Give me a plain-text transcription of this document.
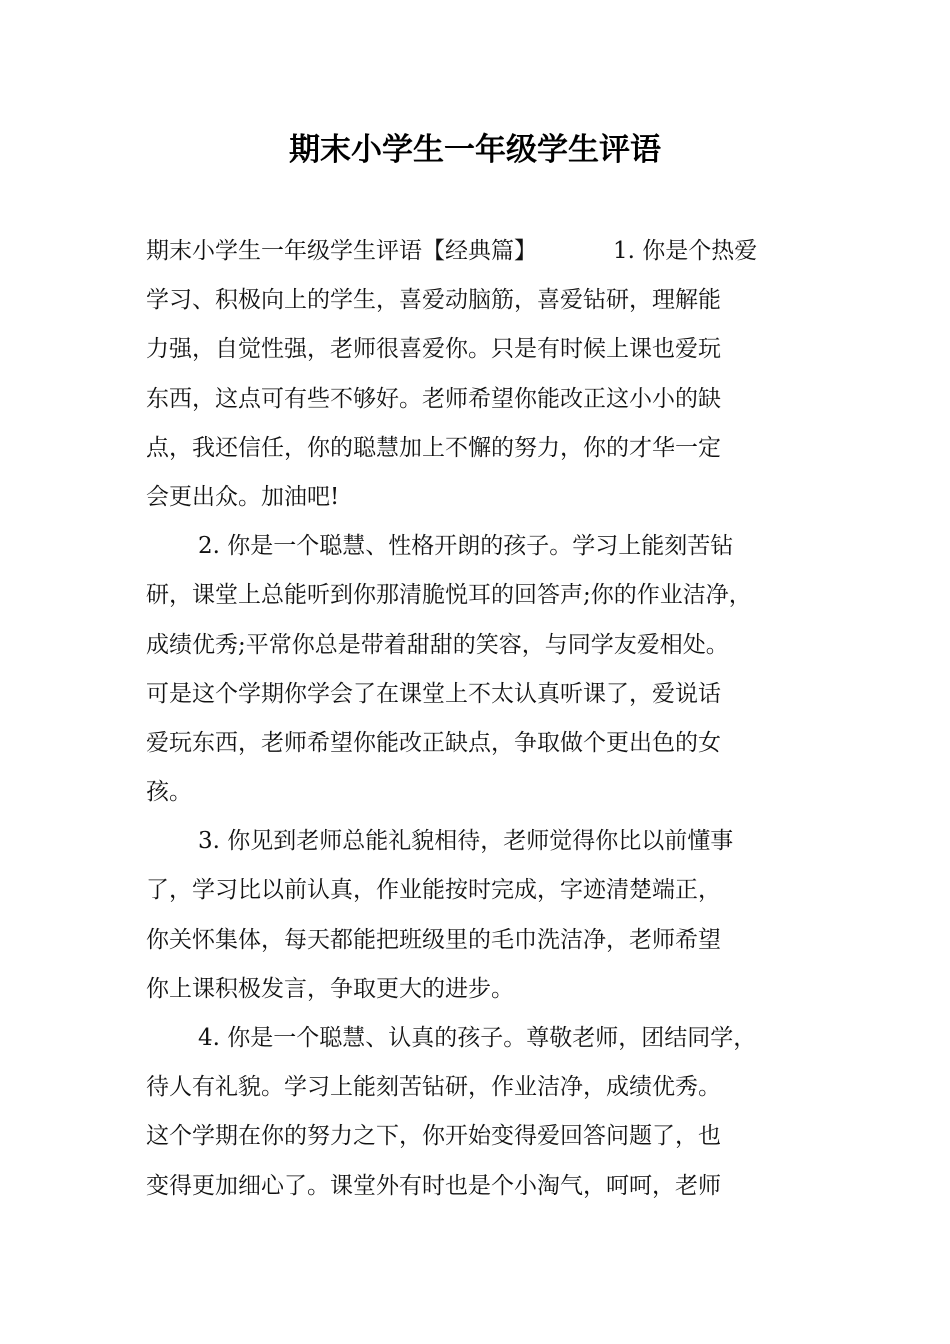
期末小学生一年级学生评语
期末小学生一年级学生评语【经典篇】	1. 你是个热爱
学习、积极向上的学生，喜爱动脑筋，喜爱钻研，理解能
力强，自觉性强，老师很喜爱你。只是有时候上课也爱玩
东西，这点可有些不够好。老师希望你能改正这小小的缺
点，我还信任，你的聪慧加上不懈的努力，你的才华一定
会更出众。加油吧!
2. 你是一个聪慧、性格开朗的孩子。学习上能刻苦钻
研，课堂上总能听到你那清脆悦耳的回答声;你的作业洁净，
成绩优秀;平常你总是带着甜甜的笑容，与同学友爱相处。
可是这个学期你学会了在课堂上不太认真听课了，爱说话
爱玩东西，老师希望你能改正缺点，争取做个更出色的女
孩。
3. 你见到老师总能礼貌相待，老师觉得你比以前懂事
了，学习比以前认真，作业能按时完成，字迹清楚端正，
你关怀集体，每天都能把班级里的毛巾洗洁净，老师希望
你上课积极发言，争取更大的进步。
4. 你是一个聪慧、认真的孩子。尊敬老师，团结同学，
待人有礼貌。学习上能刻苦钻研，作业洁净，成绩优秀。
这个学期在你的努力之下，你开始变得爱回答问题了，也
变得更加细心了。课堂外有时也是个小淘气，呵呵，老师
